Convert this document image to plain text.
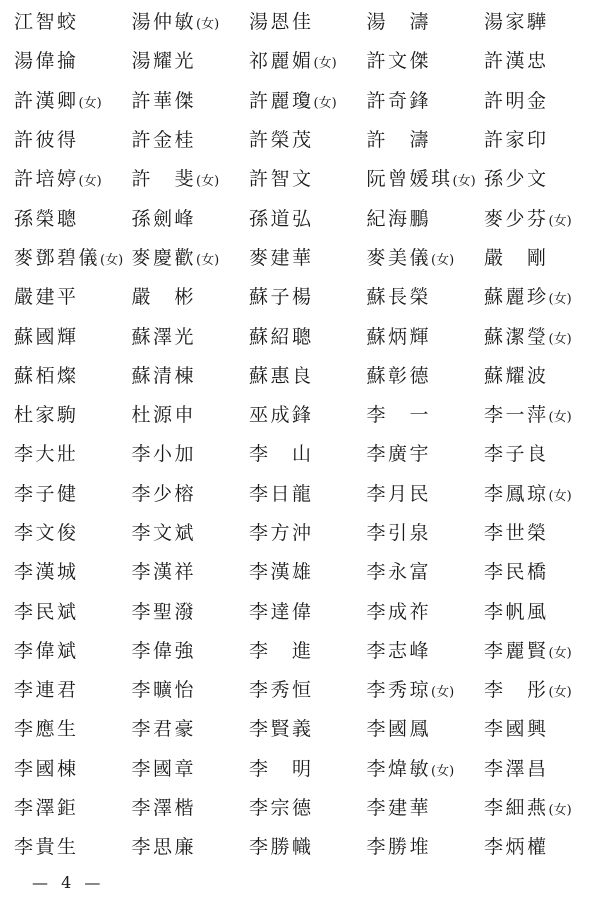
江智蛟	湯仲敏(女)	湯恩佳	湯　濤	湯家驊
湯偉掄	湯耀光	祁麗媚(女)	許文傑	許漢忠
許漢卿(女)	許華傑	許麗瓊(女)	許奇鋒	許明金
許彼得	許金桂	許榮茂	許　濤	許家印
許培婷(女)	許　斐(女)	許智文	阮曾媛琪(女) 孫少文
孫榮聰	孫劍峰	孫道弘	紀海鵬	麥少芬(女)
麥鄧碧儀(女) 麥慶歡(女)	麥建華	麥美儀(女)	嚴　剛
嚴建平	嚴　彬	蘇子楊	蘇長榮	蘇麗珍(女)
蘇國輝	蘇澤光	蘇紹聰	蘇炳輝	蘇潔瑩(女)
蘇栢燦	蘇清棟	蘇惠良	蘇彰德	蘇耀波
杜家駒	杜源申	巫成鋒	李　一	李一萍(女)
李大壯	李小加	李　山	李廣宇	李子良
李子健	李少榕	李日龍	李月民	李鳳琼(女)
李文俊	李文斌	李方沖	李引泉	李世榮
李漢城	李漢祥	李漢雄	李永富	李民橋
李民斌	李聖潑	李達偉	李成祚	李帆風
李偉斌	李偉強	李　進	李志峰	李麗賢(女)
李連君	李曠怡	李秀恒	李秀琼(女)	李　彤(女)
李應生	李君豪	李賢義	李國鳳	李國興
李國棟	李國章	李　明	李煒敏(女)	李澤昌
李澤鉅	李澤楷	李宗德	李建華	李細燕(女)
李貴生	李思廉	李勝幟	李勝堆	李炳權
— 4 —
